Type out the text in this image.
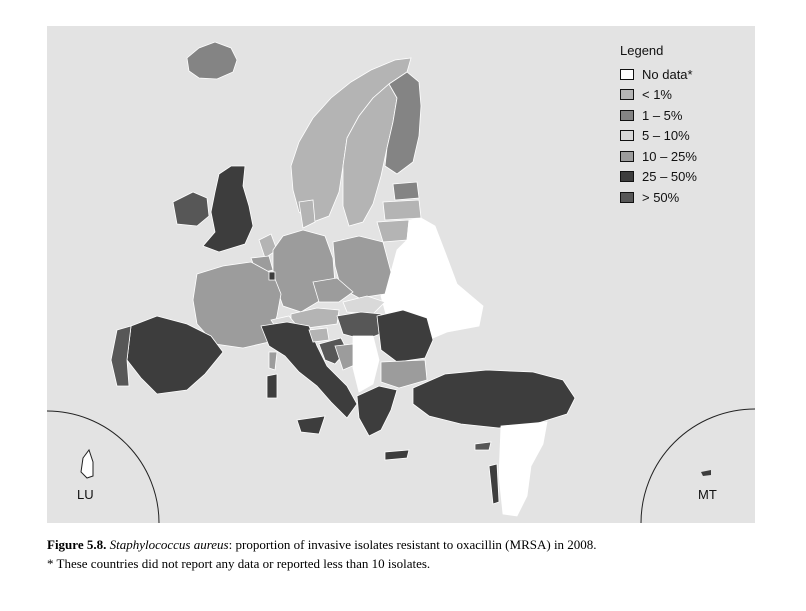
Legend
No data*
< 1%
1 – 5%
5 – 10%
10 – 25%
25 – 50%
> 50%
LU	MT
Figure 5.8. Staphylococcus aureus: proportion of invasive isolates resistant to oxacillin (MRSA) in 2008.
* These countries did not report any data or reported less than 10 isolates.
